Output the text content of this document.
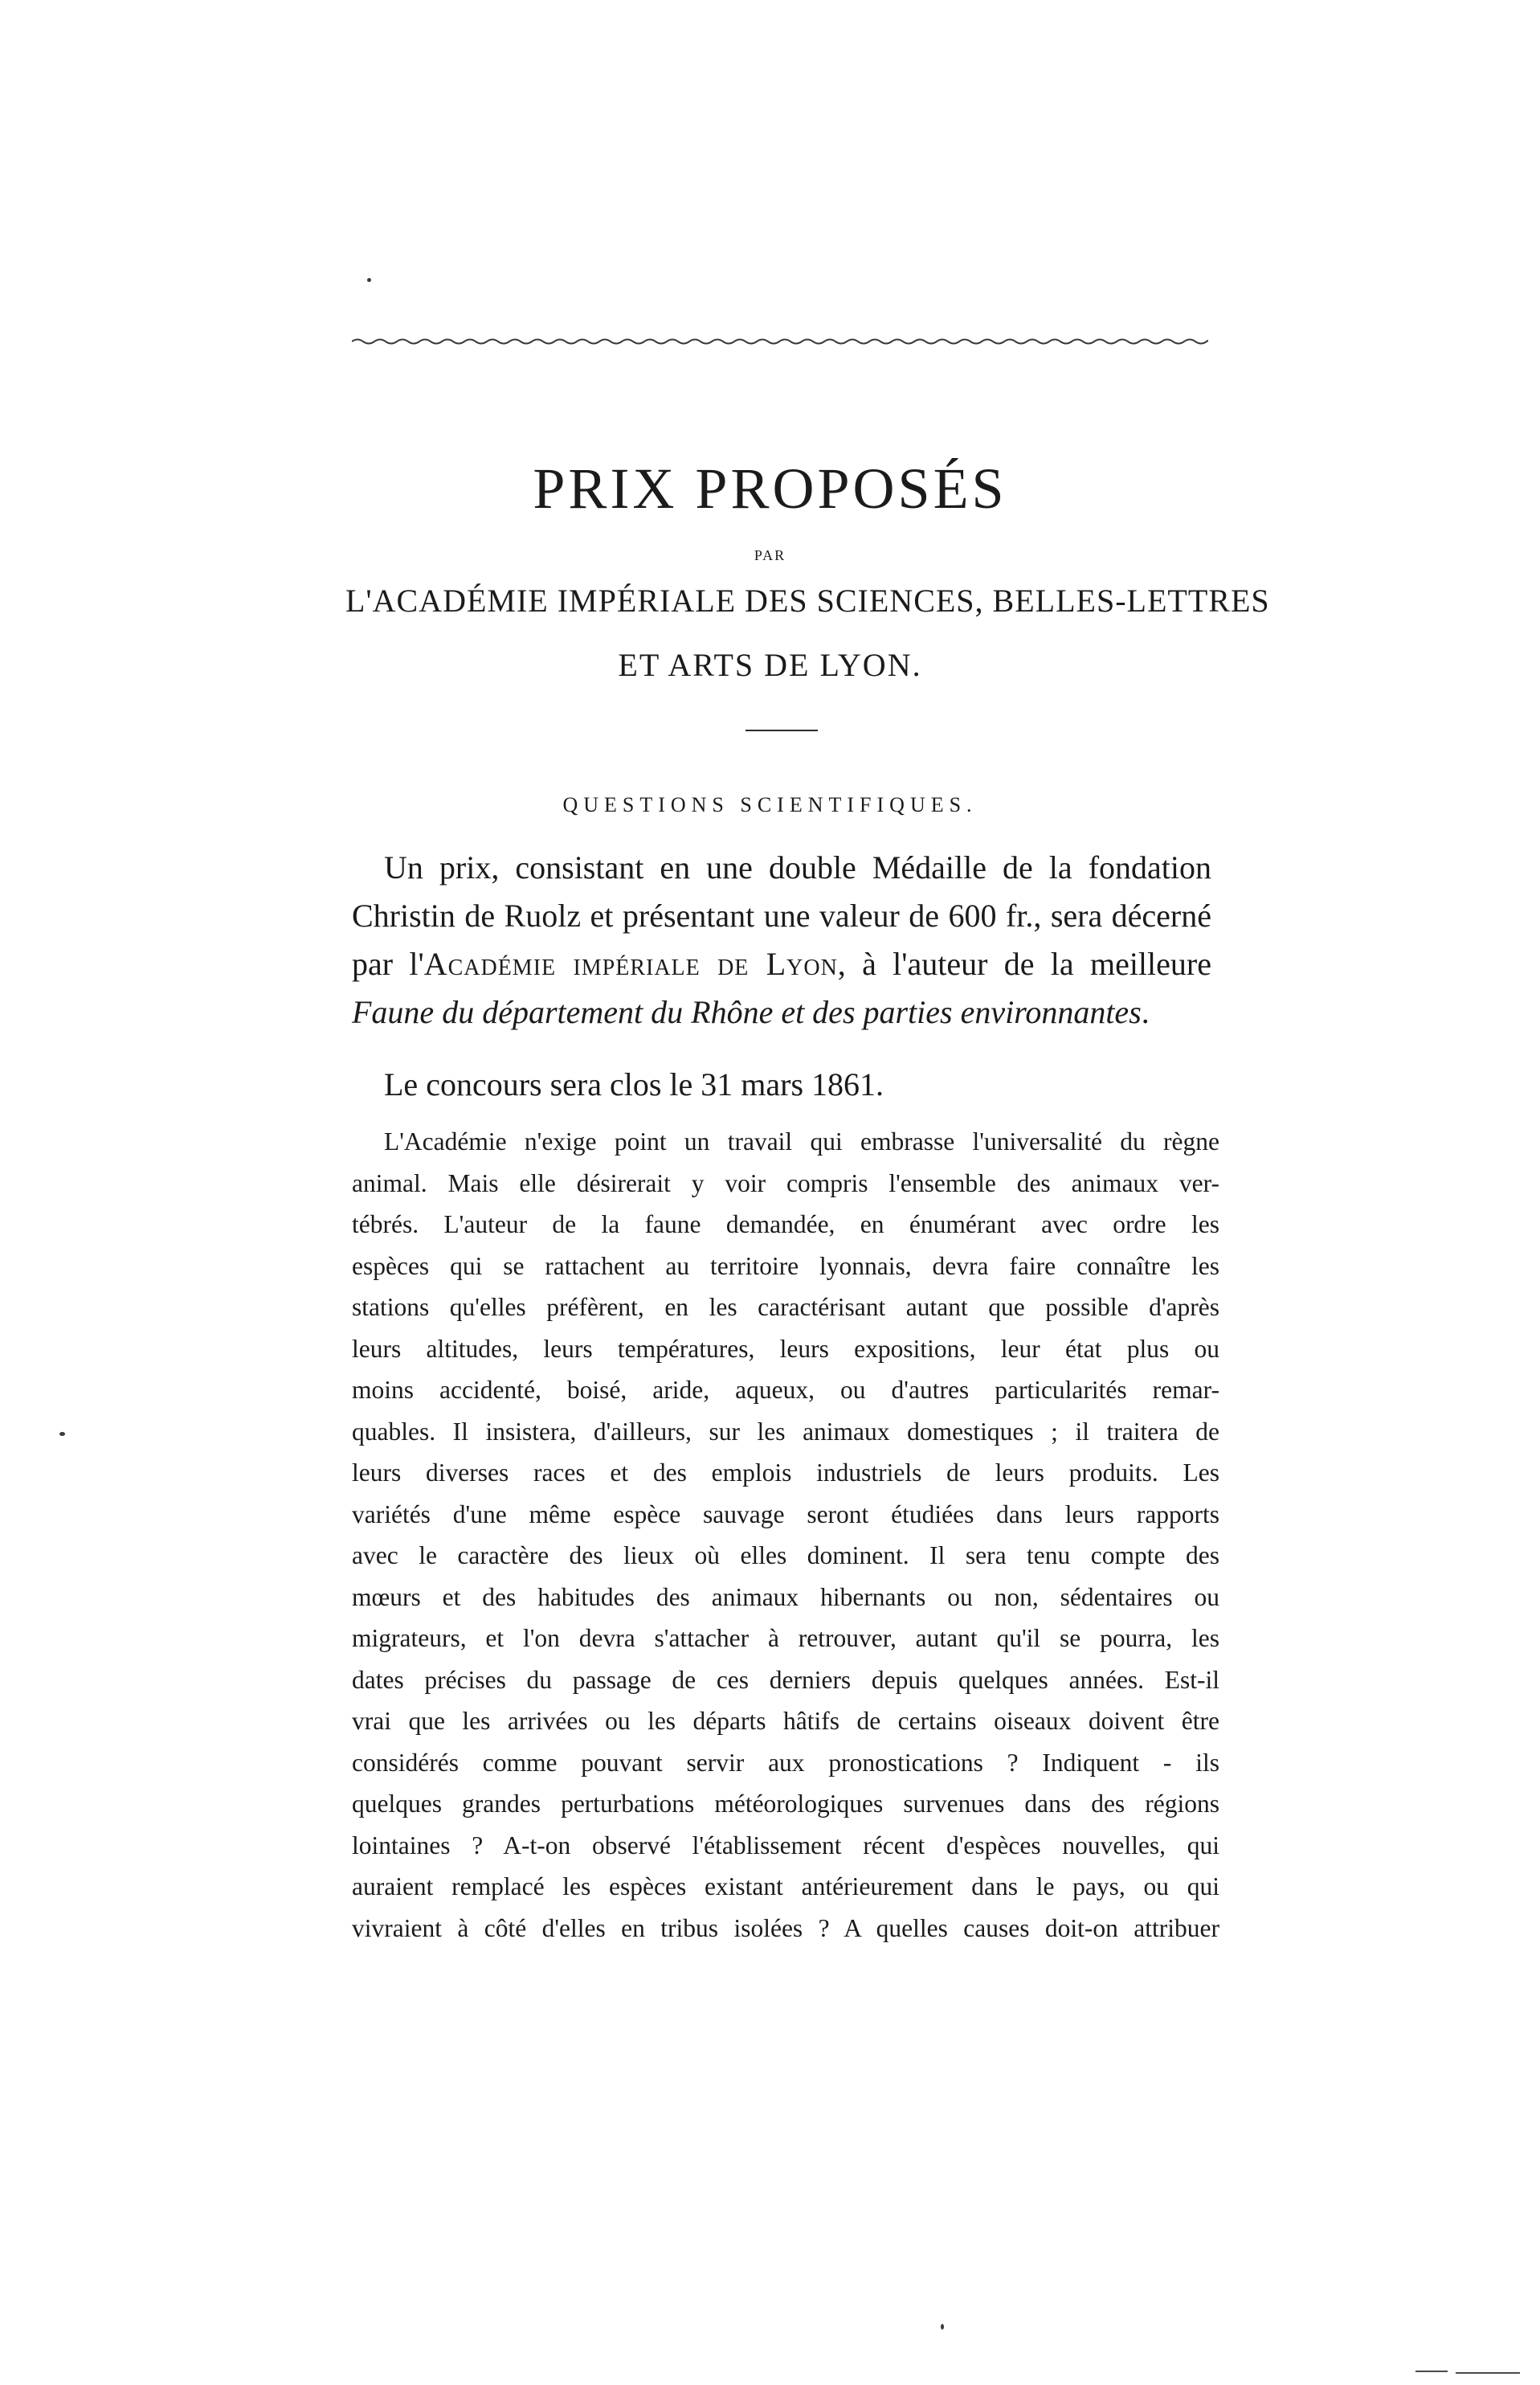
PRIX PROPOSÉS
PAR
L'ACADÉMIE IMPÉRIALE DES SCIENCES, BELLES-LETTRES
ET ARTS DE LYON.
QUESTIONS SCIENTIFIQUES.
Un prix, consistant en une double Médaille de la fondation Christin de Ruolz et présentant une valeur de 600 fr., sera décerné par l'Académie impériale de Lyon, à l'auteur de la meilleure Faune du département du Rhône et des parties environnantes.
Le concours sera clos le 31 mars 1861.
L'Académie n'exige point un travail qui embrasse l'universalité du règne
animal. Mais elle désirerait y voir compris l'ensemble des animaux ver-
tébrés. L'auteur de la faune demandée, en énumérant avec ordre les
espèces qui se rattachent au territoire lyonnais, devra faire connaître les
stations qu'elles préfèrent, en les caractérisant autant que possible d'après
leurs altitudes, leurs températures, leurs expositions, leur état plus ou
moins accidenté, boisé, aride, aqueux, ou d'autres particularités remar-
quables. Il insistera, d'ailleurs, sur les animaux domestiques ; il traitera de
leurs diverses races et des emplois industriels de leurs produits. Les
variétés d'une même espèce sauvage seront étudiées dans leurs rapports
avec le caractère des lieux où elles dominent. Il sera tenu compte des
mœurs et des habitudes des animaux hibernants ou non, sédentaires ou
migrateurs, et l'on devra s'attacher à retrouver, autant qu'il se pourra, les
dates précises du passage de ces derniers depuis quelques années. Est-il
vrai que les arrivées ou les départs hâtifs de certains oiseaux doivent être
considérés comme pouvant servir aux pronostications ? Indiquent - ils
quelques grandes perturbations météorologiques survenues dans des régions
lointaines ? A-t-on observé l'établissement récent d'espèces nouvelles, qui
auraient remplacé les espèces existant antérieurement dans le pays, ou qui
vivraient à côté d'elles en tribus isolées ? A quelles causes doit-on attribuer
